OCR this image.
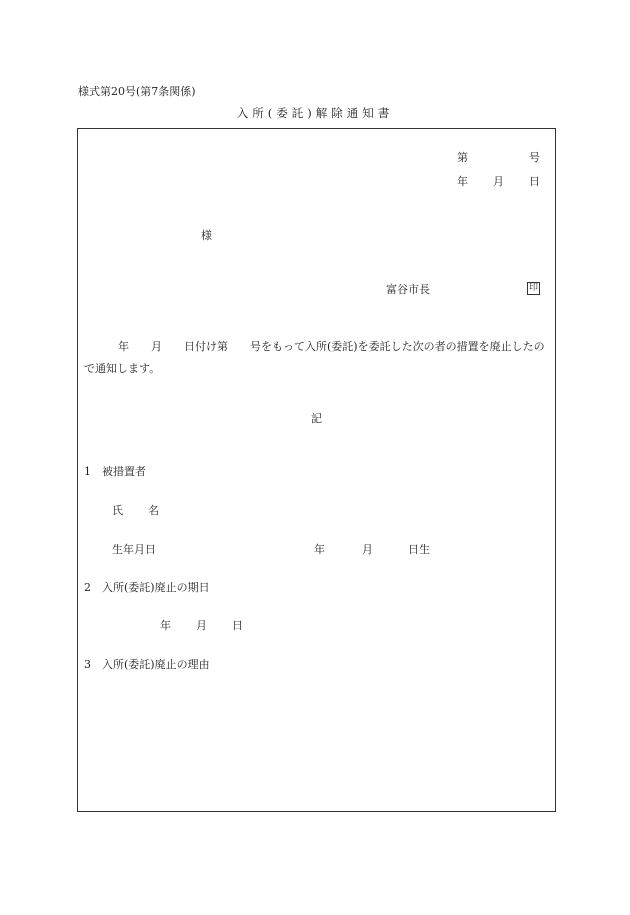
様式第20号(第7条関係)
入所(委託)解除通知書
第	号
年 月 日
様
富谷市長	印
年　　月　　日付け第　　号をもって入所(委託)を委託した次の者の措置を廃止したので通知します。
記
1　被措置者
氏 名
生年月日	年	月	日生
2　入所(委託)廃止の期日
年 月 日
3　入所(委託)廃止の理由
